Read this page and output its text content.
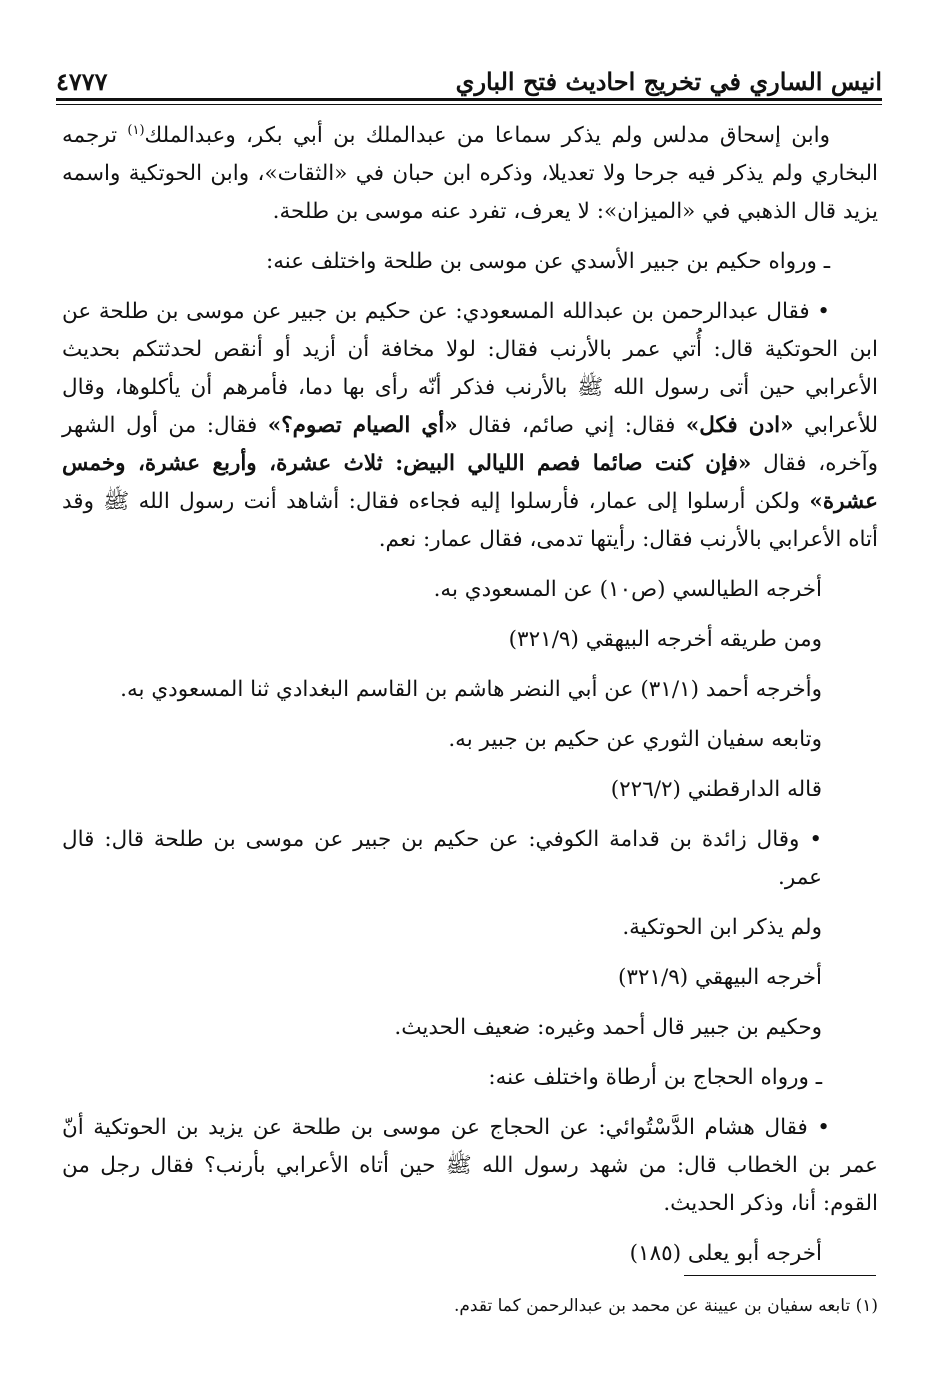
انيس الساري في تخريج احاديث فتح الباري
٤٧٧٧

وابن إسحاق مدلس ولم يذكر سماعا من عبدالملك بن أبي بكر، وعبدالملك$^{(١)}$ ترجمه البخاري ولم يذكر فيه جرحا ولا تعديلا، وذكره ابن حبان في «الثقات»، وابن الحوتكية واسمه يزيد قال الذهبي في «الميزان»: لا يعرف، تفرد عنه موسى بن طلحة.

ـ ورواه حكيم بن جبير الأسدي عن موسى بن طلحة واختلف عنه:

• فقال عبدالرحمن بن عبدالله المسعودي: عن حكيم بن جبير عن موسى بن طلحة عن ابن الحوتكية قال: أُتي عمر بالأرنب فقال: لولا مخافة أن أزيد أو أنقص لحدثتكم بحديث الأعرابي حين أتى رسول الله ﷺ بالأرنب فذكر أنّه رأى بها دما، فأمرهم أن يأكلوها، وقال للأعرابي «ادن فكل» فقال: إني صائم، فقال «أي الصيام تصوم؟» فقال: من أول الشهر وآخره، فقال «فإن كنت صائما فصم الليالي البيض: ثلاث عشرة، وأربع عشرة، وخمس عشرة» ولكن أرسلوا إلى عمار، فأرسلوا إليه فجاءه فقال: أشاهد أنت رسول الله ﷺ وقد أتاه الأعرابي بالأرنب فقال: رأيتها تدمى، فقال عمار: نعم.

أخرجه الطيالسي (ص١٠) عن المسعودي به.

ومن طريقه أخرجه البيهقي (٣٢١/٩)

وأخرجه أحمد (٣١/١) عن أبي النضر هاشم بن القاسم البغدادي ثنا المسعودي به.

وتابعه سفيان الثوري عن حكيم بن جبير به.

قاله الدارقطني (٢٢٦/٢)

• وقال زائدة بن قدامة الكوفي: عن حكيم بن جبير عن موسى بن طلحة قال: قال عمر.

ولم يذكر ابن الحوتكية.

أخرجه البيهقي (٣٢١/٩)

وحكيم بن جبير قال أحمد وغيره: ضعيف الحديث.

ـ ورواه الحجاج بن أرطاة واختلف عنه:

• فقال هشام الدَّسْتُوائي: عن الحجاج عن موسى بن طلحة عن يزيد بن الحوتكية أنّ عمر بن الخطاب قال: من شهد رسول الله ﷺ حين أتاه الأعرابي بأرنب؟ فقال رجل من القوم: أنا، وذكر الحديث.

أخرجه أبو يعلى (١٨٥)

(١) تابعه سفيان بن عيينة عن محمد بن عبدالرحمن كما تقدم.
